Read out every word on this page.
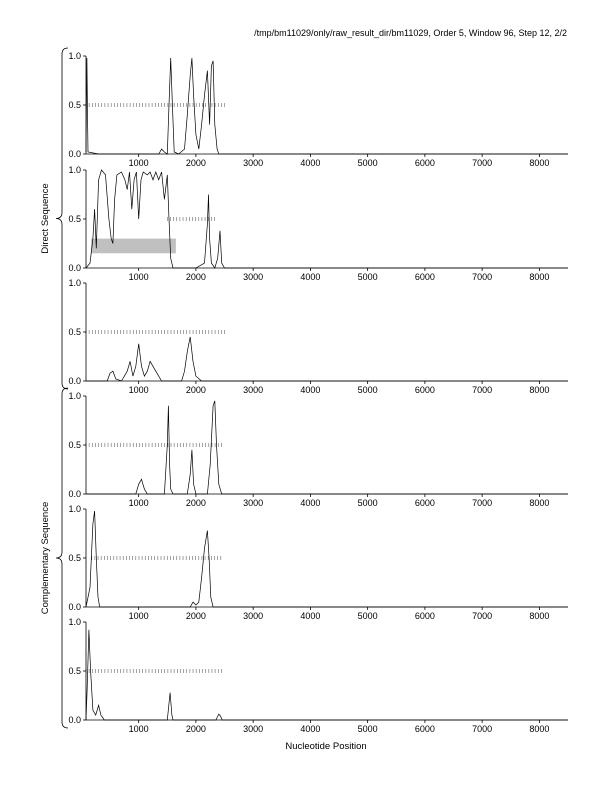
/tmp/bm11029/only/raw_result_dir/bm11029, Order 5, Window 96, Step 12, 2/2
0.0
0.5
1.0
1000	2000	3000	4000	5000	6000	7000	8000
0.0
0.5
1.0
1000	2000	3000	4000	5000	6000	7000	8000
0.0
0.5
1.0
1000	2000	3000	4000	5000	6000	7000	8000
0.0
0.5
1.0
1000	2000	3000	4000	5000	6000	7000	8000
0.0
0.5
1.0
1000	2000	3000	4000	5000	6000	7000	8000
0.0
0.5
1.0
1000	2000	3000	4000	5000	6000	7000	8000
Direct Sequence
Complementary Sequence
Nucleotide Position
